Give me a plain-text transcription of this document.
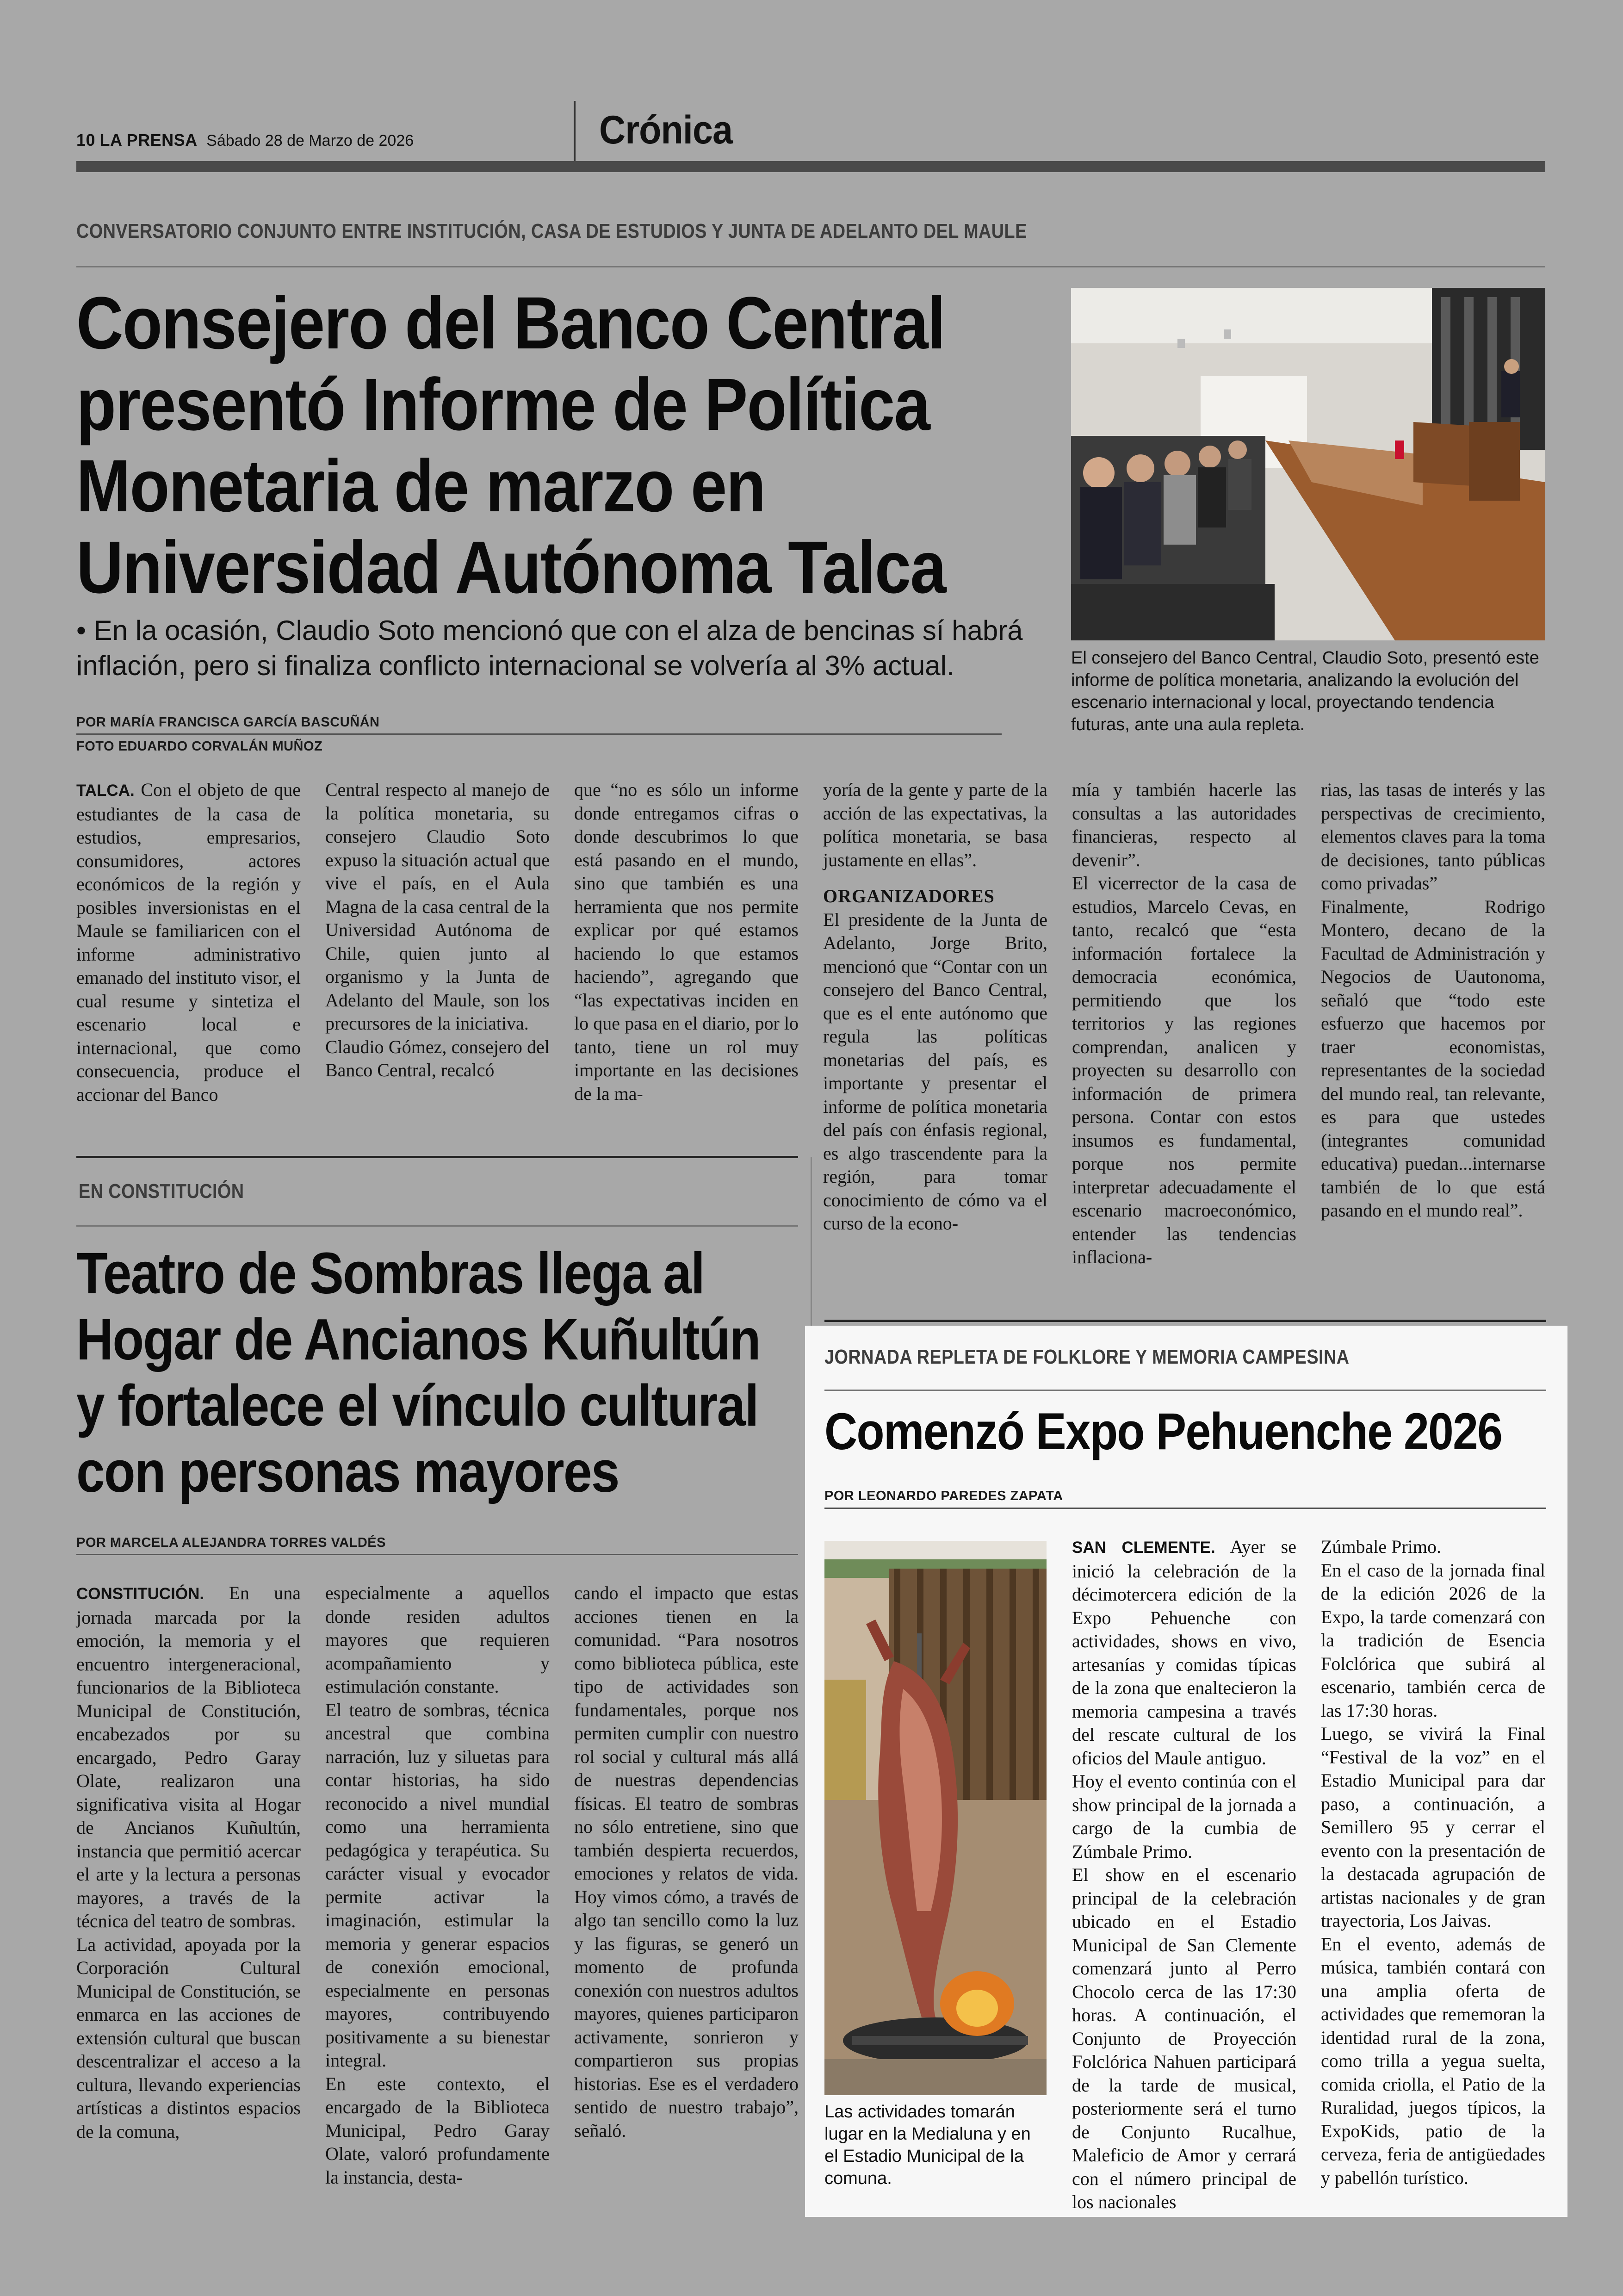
10 LA PRENSA Sábado 28 de Marzo de 2026	Crónica
CONVERSATORIO CONJUNTO ENTRE INSTITUCIÓN, CASA DE ESTUDIOS Y JUNTA DE ADELANTO DEL MAULE
Consejero del Banco Central presentó Informe de Política Monetaria de marzo en Universidad Autónoma Talca
• En la ocasión, Claudio Soto mencionó que con el alza de bencinas sí habrá inflación, pero si finaliza conflicto internacional se volvería al 3% actual.
POR MARÍA FRANCISCA GARCÍA BASCUÑÁN
FOTO EDUARDO CORVALÁN MUÑOZ
El consejero del Banco Central, Claudio Soto, presentó este informe de política monetaria, analizando la evolución del escenario internacional y local, proyectando tendencia futuras, ante una aula repleta.

TALCA. Con el objeto de que estudiantes de la casa de estudios, empresarios, consumidores, actores económicos de la región y posibles inversionistas en el Maule se familiaricen con el informe administrativo emanado del instituto visor, el cual resume y sintetiza el escenario local e internacional, que como consecuencia, produce el accionar del Banco

Central respecto al manejo de la política monetaria, su consejero Claudio Soto expuso la situación actual que vive el país, en el Aula Magna de la casa central de la Universidad Autónoma de Chile, quien junto al organismo y la Junta de Adelanto del Maule, son los precursores de la iniciativa.

Claudio Gómez, consejero del Banco Central, recalcó

que “no es sólo un informe donde entregamos cifras o donde descubrimos lo que está pasando en el mundo, sino que también es una herramienta que nos permite explicar por qué estamos haciendo lo que estamos haciendo”, agregando que “las expectativas inciden en lo que pasa en el diario, por lo tanto, tiene un rol muy importante en las decisiones de la ma-

yoría de la gente y parte de la acción de las expectativas, la política monetaria, se basa justamente en ellas”.

ORGANIZADORES

El presidente de la Junta de Adelanto, Jorge Brito, mencionó que “Contar con un consejero del Banco Central, que es el ente autónomo que regula las políticas monetarias del país, es importante y presentar el informe de política monetaria del país con énfasis regional, es algo trascendente para la región, para tomar conocimiento de cómo va el curso de la econo-

mía y también hacerle las consultas a las autoridades financieras, respecto al devenir”.

El vicerrector de la casa de estudios, Marcelo Cevas, en tanto, recalcó que “esta información fortalece la democracia económica, permitiendo que los territorios y las regiones comprendan, analicen y proyecten su desarrollo con información de primera persona. Contar con estos insumos es fundamental, porque nos permite interpretar adecuadamente el escenario macroeconómico, entender las tendencias inflaciona-

rias, las tasas de interés y las perspectivas de crecimiento, elementos claves para la toma de decisiones, tanto públicas como privadas”

Finalmente, Rodrigo Montero, decano de la Facultad de Administración y Negocios de Uautonoma, señaló que “todo este esfuerzo que hacemos por traer economistas, representantes de la sociedad del mundo real, tan relevante, es para que ustedes (integrantes comunidad educativa) puedan...internarse también de lo que está pasando en el mundo real”.

EN CONSTITUCIÓN
Teatro de Sombras llega al Hogar de Ancianos Kuñultún y fortalece el vínculo cultural con personas mayores
POR MARCELA ALEJANDRA TORRES VALDÉS

CONSTITUCIÓN. En una jornada marcada por la emoción, la memoria y el encuentro intergeneracional, funcionarios de la Biblioteca Municipal de Constitución, encabezados por su encargado, Pedro Garay Olate, realizaron una significativa visita al Hogar de Ancianos Kuñultún, instancia que permitió acercar el arte y la lectura a personas mayores, a través de la técnica del teatro de sombras.

La actividad, apoyada por la Corporación Cultural Municipal de Constitución, se enmarca en las acciones de extensión cultural que buscan descentralizar el acceso a la cultura, llevando experiencias artísticas a distintos espacios de la comuna,

especialmente a aquellos donde residen adultos mayores que requieren acompañamiento y estimulación constante.

El teatro de sombras, técnica ancestral que combina narración, luz y siluetas para contar historias, ha sido reconocido a nivel mundial como una herramienta pedagógica y terapéutica. Su carácter visual y evocador permite activar la imaginación, estimular la memoria y generar espacios de conexión emocional, especialmente en personas mayores, contribuyendo positivamente a su bienestar integral.

En este contexto, el encargado de la Biblioteca Municipal, Pedro Garay Olate, valoró profundamente la instancia, desta-

cando el impacto que estas acciones tienen en la comunidad. “Para nosotros como biblioteca pública, este tipo de actividades son fundamentales, porque nos permiten cumplir con nuestro rol social y cultural más allá de nuestras dependencias físicas. El teatro de sombras no sólo entretiene, sino que también despierta recuerdos, emociones y relatos de vida. Hoy vimos cómo, a través de algo tan sencillo como la luz y las figuras, se generó un momento de profunda conexión con nuestros adultos mayores, quienes participaron activamente, sonrieron y compartieron sus propias historias. Ese es el verdadero sentido de nuestro trabajo”, señaló.

JORNADA REPLETA DE FOLKLORE Y MEMORIA CAMPESINA
Comenzó Expo Pehuenche 2026
POR LEONARDO PAREDES ZAPATA
Las actividades tomarán lugar en la Medialuna y en el Estadio Municipal de la comuna.

SAN CLEMENTE. Ayer se inició la celebración de la décimotercera edición de la Expo Pehuenche con actividades, shows en vivo, artesanías y comidas típicas de la zona que enaltecieron la memoria campesina a través del rescate cultural de los oficios del Maule antiguo.

Hoy el evento continúa con el show principal de la jornada a cargo de la cumbia de Zúmbale Primo.

El show en el escenario principal de la celebración ubicado en el Estadio Municipal de San Clemente comenzará junto al Perro Chocolo cerca de las 17:30 horas. A continuación, el Conjunto de Proyección Folclórica Nahuen participará de la tarde de musical, posteriormente será el turno de Conjunto Rucalhue, Maleficio de Amor y cerrará con el número principal de los nacionales

Zúmbale Primo.

En el caso de la jornada final de la edición 2026 de la Expo, la tarde comenzará con la tradición de Esencia Folclórica que subirá al escenario, también cerca de las 17:30 horas.

Luego, se vivirá la Final “Festival de la voz” en el Estadio Municipal para dar paso, a continuación, a Semillero 95 y cerrar el evento con la presentación de la destacada agrupación de artistas nacionales y de gran trayectoria, Los Jaivas.

En el evento, además de música, también contará con una amplia oferta de actividades que rememoran la identidad rural de la zona, como trilla a yegua suelta, comida criolla, el Patio de la Ruralidad, juegos típicos, la ExpoKids, patio de la cerveza, feria de antigüedades y pabellón turístico.
